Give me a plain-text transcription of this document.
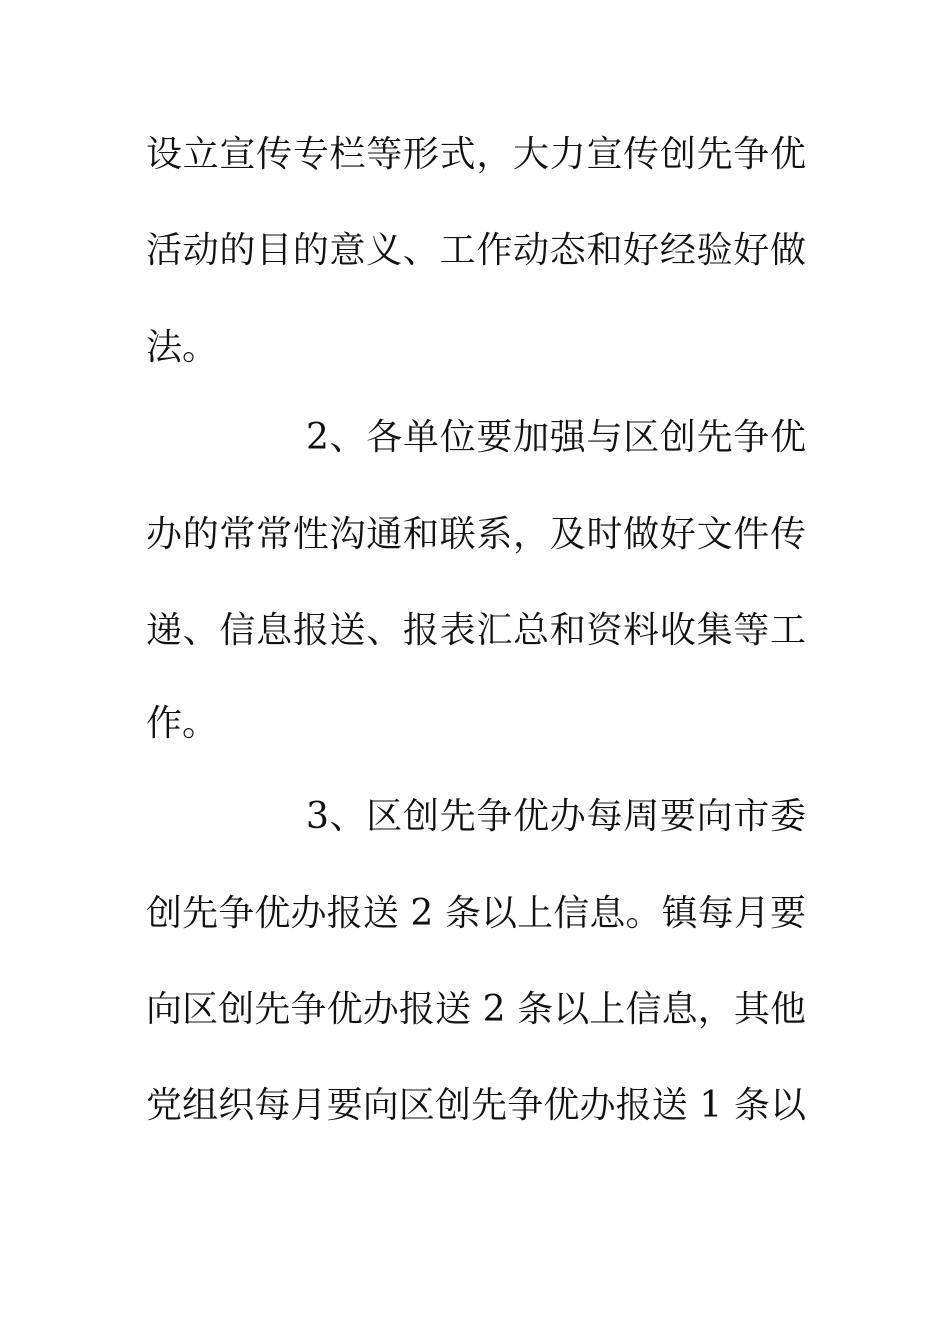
设立宣传专栏等形式，大力宣传创先争优
活动的目的意义、工作动态和好经验好做
法。
2、各单位要加强与区创先争优
办的常常性沟通和联系，及时做好文件传
递、信息报送、报表汇总和资料收集等工
作。
3、区创先争优办每周要向市委
创先争优办报送 2 条以上信息。镇每月要
向区创先争优办报送 2 条以上信息，其他
党组织每月要向区创先争优办报送 1 条以
